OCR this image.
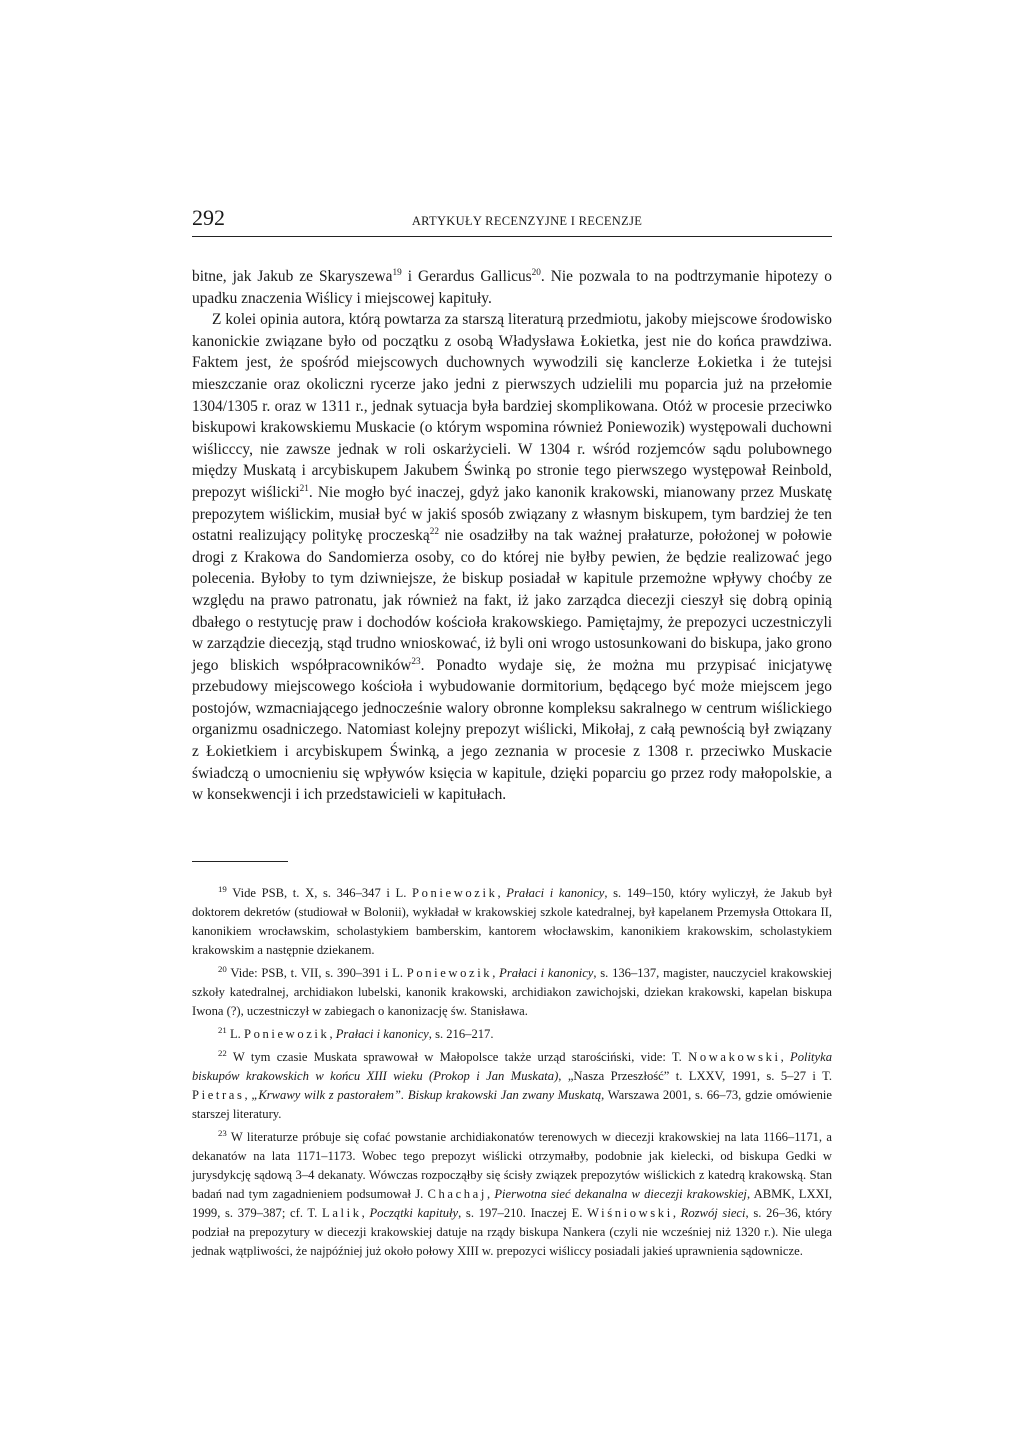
292	ARTYKUŁY RECENZYJNE I RECENZJE

bitne, jak Jakub ze Skaryszewa$^{19}$ i Gerardus Gallicus$^{20}$. Nie pozwala to na podtrzymanie hipotezy o upadku znaczenia Wiślicy i miejscowej kapituły.

Z kolei opinia autora, którą powtarza za starszą literaturą przedmiotu, jakoby miejscowe środowisko kanonickie związane było od początku z osobą Władysława Łokietka, jest nie do końca prawdziwa. Faktem jest, że spośród miejscowych duchownych wywodzili się kanclerze Łokietka i że tutejsi mieszczanie oraz okoliczni rycerze jako jedni z pierwszych udzielili mu poparcia już na przełomie 1304/1305 r. oraz w 1311 r., jednak sytuacja była bardziej skomplikowana. Otóż w procesie przeciwko biskupowi krakowskiemu Muskacie (o którym wspomina również Poniewozik) występowali duchowni wiślicccy, nie zawsze jednak w roli oskarżycieli. W 1304 r. wśród rozjemców sądu polubownego między Muskatą i arcybiskupem Jakubem Świnką po stronie tego pierwszego występował Reinbold, prepozyt wiślicki$^{21}$. Nie mogło być inaczej, gdyż jako kanonik krakowski, mianowany przez Muskatę prepozytem wiślickim, musiał być w jakiś sposób związany z własnym biskupem, tym bardziej że ten ostatni realizujący politykę proczeską$^{22}$ nie osadziłby na tak ważnej prałaturze, położonej w połowie drogi z Krakowa do Sandomierza osoby, co do której nie byłby pewien, że będzie realizować jego polecenia. Byłoby to tym dziwniejsze, że biskup posiadał w kapitule przemożne wpływy choćby ze względu na prawo patronatu, jak również na fakt, iż jako zarządca diecezji cieszył się dobrą opinią dbałego o restytucję praw i dochodów kościoła krakowskiego. Pamiętajmy, że prepozyci uczestniczyli w zarządzie diecezją, stąd trudno wnioskować, iż byli oni wrogo ustosunkowani do biskupa, jako grono jego bliskich współpracowników$^{23}$. Ponadto wydaje się, że można mu przypisać inicjatywę przebudowy miejscowego kościoła i wybudowanie dormitorium, będącego być może miejscem jego postojów, wzmacniającego jednocześnie walory obronne kompleksu sakralnego w centrum wiślickiego organizmu osadniczego. Natomiast kolejny prepozyt wiślicki, Mikołaj, z całą pewnością był związany z Łokietkiem i arcybiskupem Świnką, a jego zeznania w procesie z 1308 r. przeciwko Muskacie świadczą o umocnieniu się wpływów księcia w kapitule, dzięki poparciu go przez rody małopolskie, a w konsekwencji i ich przedstawicieli w kapitułach.

$^{19}$ Vide PSB, t. X, s. 346–347 i L. Poniewozik, Prałaci i kanonicy, s. 149–150, który wyliczył, że Jakub był doktorem dekretów (studiował w Bolonii), wykładał w krakowskiej szkole katedralnej, był kapelanem Przemysła Ottokara II, kanonikiem wrocławskim, scholastykiem bamberskim, kantorem włocławskim, kanonikiem krakowskim, scholastykiem krakowskim a następnie dziekanem.

$^{20}$ Vide: PSB, t. VII, s. 390–391 i L. Poniewozik, Prałaci i kanonicy, s. 136–137, magister, nauczyciel krakowskiej szkoły katedralnej, archidiakon lubelski, kanonik krakowski, archidiakon zawichojski, dziekan krakowski, kapelan biskupa Iwona (?), uczestniczył w zabiegach o kanonizację św. Stanisława.

$^{21}$ L. Poniewozik, Prałaci i kanonicy, s. 216–217.

$^{22}$ W tym czasie Muskata sprawował w Małopolsce także urząd starościński, vide: T. Nowakowski, Polityka biskupów krakowskich w końcu XIII wieku (Prokop i Jan Muskata), „Nasza Przeszłość” t. LXXV, 1991, s. 5–27 i T. Pietras, „Krwawy wilk z pastorałem”. Biskup krakowski Jan zwany Muskatą, Warszawa 2001, s. 66–73, gdzie omówienie starszej literatury.

$^{23}$ W literaturze próbuje się cofać powstanie archidiakonatów terenowych w diecezji krakowskiej na lata 1166–1171, a dekanatów na lata 1171–1173. Wobec tego prepozyt wiślicki otrzymałby, podobnie jak kielecki, od biskupa Gedki w jurysdykcję sądową 3–4 dekanaty. Wówczas rozpocząłby się ścisły związek prepozytów wiślickich z katedrą krakowską. Stan badań nad tym zagadnieniem podsumował J. Chachaj, Pierwotna sieć dekanalna w diecezji krakowskiej, ABMK, LXXI, 1999, s. 379–387; cf. T. Lalik, Początki kapituły, s. 197–210. Inaczej E. Wiśniowski, Rozwój sieci, s. 26–36, który podział na prepozytury w diecezji krakowskiej datuje na rządy biskupa Nankera (czyli nie wcześniej niż 1320 r.). Nie ulega jednak wątpliwości, że najpóźniej już około połowy XIII w. prepozyci wiśliccy posiadali jakieś uprawnienia sądownicze.
